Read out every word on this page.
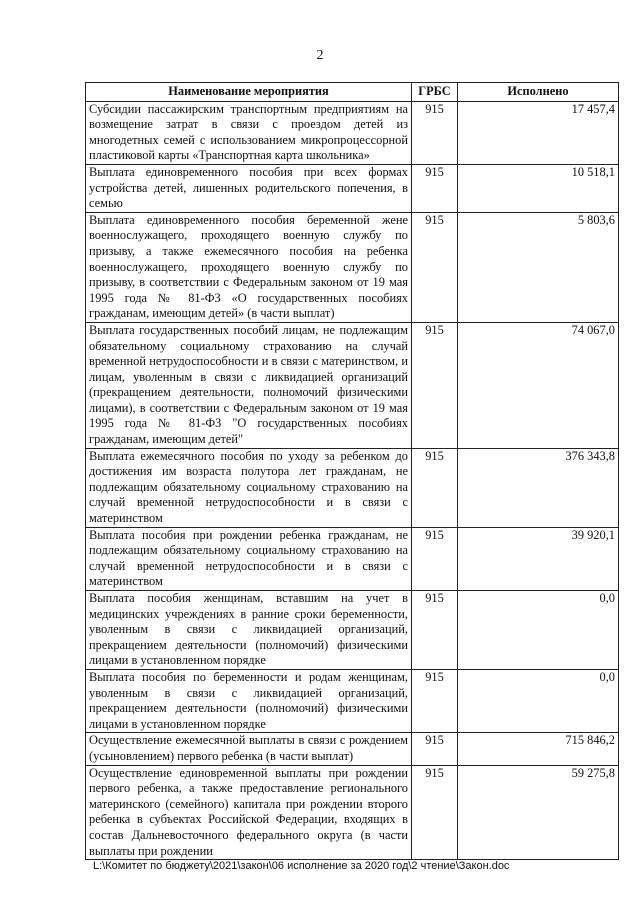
2
Наименование мероприятия	ГРБС	Исполнено
Субсидии пассажирским транспортным предприятиям на возмещение затрат в связи с проездом детей из многодетных семей с использованием микропроцессорной пластиковой карты «Транспортная карта школьника»	915	17 457,4
Выплата единовременного пособия при всех формах устройства детей, лишенных родительского попечения, в семью	915	10 518,1
Выплата единовременного пособия беременной жене военнослужащего, проходящего военную службу по призыву, а также ежемесячного пособия на ребенка военнослужащего, проходящего военную службу по призыву, в соответствии с Федеральным законом от 19 мая 1995 года № 81-ФЗ «О государственных пособиях гражданам, имеющим детей» (в части выплат)	915	5 803,6
Выплата государственных пособий лицам, не подлежащим обязательному социальному страхованию на случай временной нетрудоспособности и в связи с материнством, и лицам, уволенным в связи с ликвидацией организаций (прекращением деятельности, полномочий физическими лицами), в соответствии с Федеральным законом от 19 мая 1995 года № 81-ФЗ "О государственных пособиях гражданам, имеющим детей"	915	74 067,0
Выплата ежемесячного пособия по уходу за ребенком до достижения им возраста полутора лет гражданам, не подлежащим обязательному социальному страхованию на случай временной нетрудоспособности и в связи с материнством	915	376 343,8
Выплата пособия при рождении ребенка гражданам, не подлежащим обязательному социальному страхованию на случай временной нетрудоспособности и в связи с материнством	915	39 920,1
Выплата пособия женщинам, вставшим на учет в медицинских учреждениях в ранние сроки беременности, уволенным в связи с ликвидацией организаций, прекращением деятельности (полномочий) физическими лицами в установленном порядке	915	0,0
Выплата пособия по беременности и родам женщинам, уволенным в связи с ликвидацией организаций, прекращением деятельности (полномочий) физическими лицами в установленном порядке	915	0,0
Осуществление ежемесячной выплаты в связи с рождением (усыновлением) первого ребенка (в части выплат)	915	715 846,2
Осуществление единовременной выплаты при рождении первого ребенка, а также предоставление регионального материнского (семейного) капитала при рождении второго ребенка в субъектах Российской Федерации, входящих в состав Дальневосточного федерального округа (в части выплаты при рождении	915	59 275,8
L:\Комитет по бюджету\2021\закон\06 исполнение за 2020 год\2 чтение\Закон.doc
